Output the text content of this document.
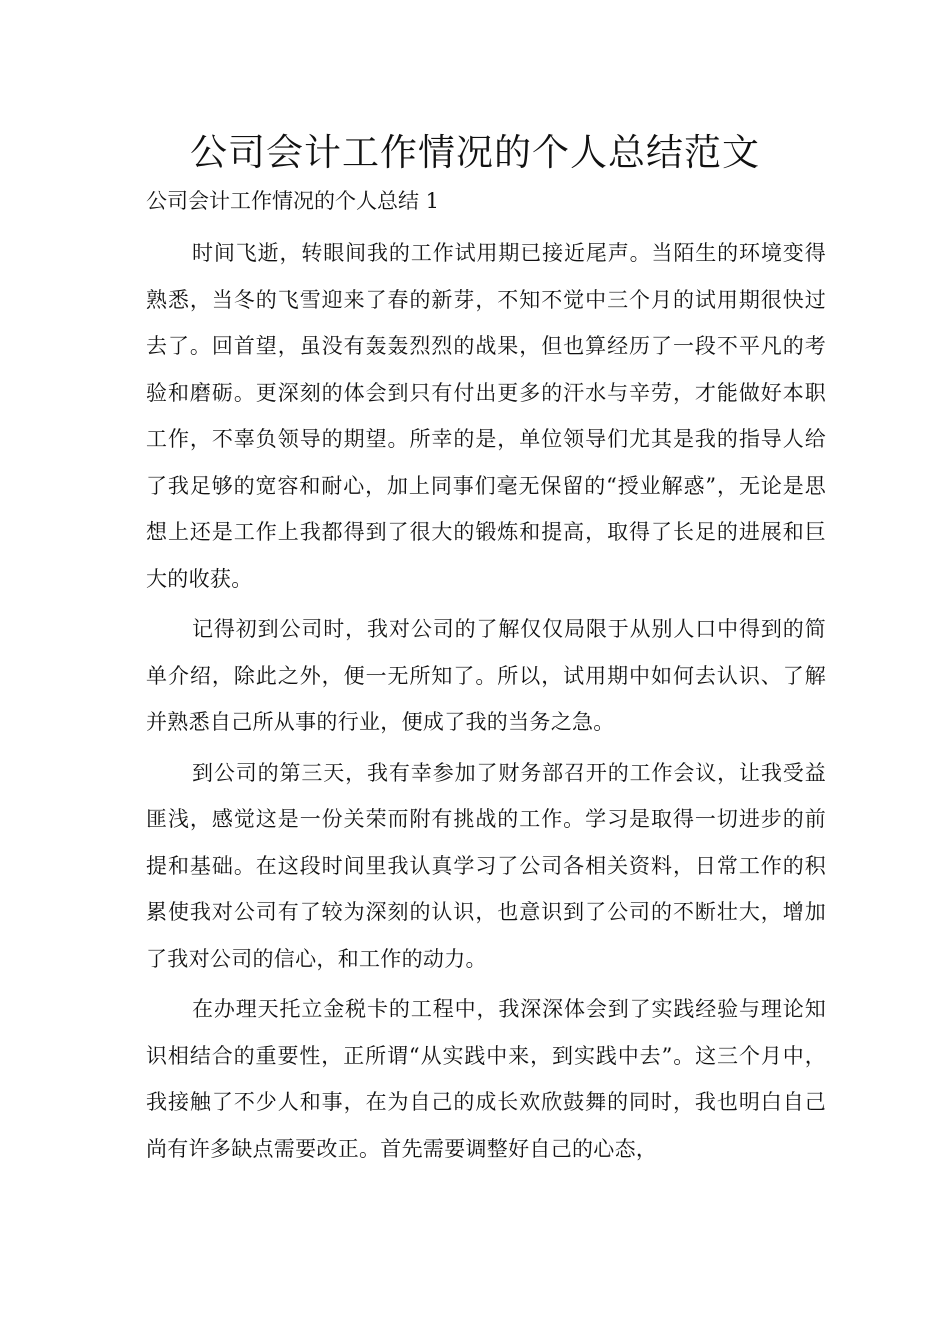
公司会计工作情况的个人总结范文

公司会计工作情况的个人总结 1

时间飞逝，转眼间我的工作试用期已接近尾声。当陌生的环境变得熟悉，当冬的飞雪迎来了春的新芽，不知不觉中三个月的试用期很快过去了。回首望，虽没有轰轰烈烈的战果，但也算经历了一段不平凡的考验和磨砺。更深刻的体会到只有付出更多的汗水与辛劳，才能做好本职工作，不辜负领导的期望。所幸的是，单位领导们尤其是我的指导人给了我足够的宽容和耐心，加上同事们毫无保留的“授业解惑”，无论是思想上还是工作上我都得到了很大的锻炼和提高，取得了长足的进展和巨大的收获。

记得初到公司时，我对公司的了解仅仅局限于从别人口中得到的简单介绍，除此之外，便一无所知了。所以，试用期中如何去认识、了解并熟悉自己所从事的行业，便成了我的当务之急。

到公司的第三天，我有幸参加了财务部召开的工作会议，让我受益匪浅，感觉这是一份关荣而附有挑战的工作。学习是取得一切进步的前提和基础。在这段时间里我认真学习了公司各相关资料，日常工作的积累使我对公司有了较为深刻的认识，也意识到了公司的不断壮大，增加了我对公司的信心，和工作的动力。

在办理天托立金税卡的工程中，我深深体会到了实践经验与理论知识相结合的重要性，正所谓“从实践中来，到实践中去”。这三个月中，我接触了不少人和事，在为自己的成长欢欣鼓舞的同时，我也明白自己尚有许多缺点需要改正。首先需要调整好自己的心态，
